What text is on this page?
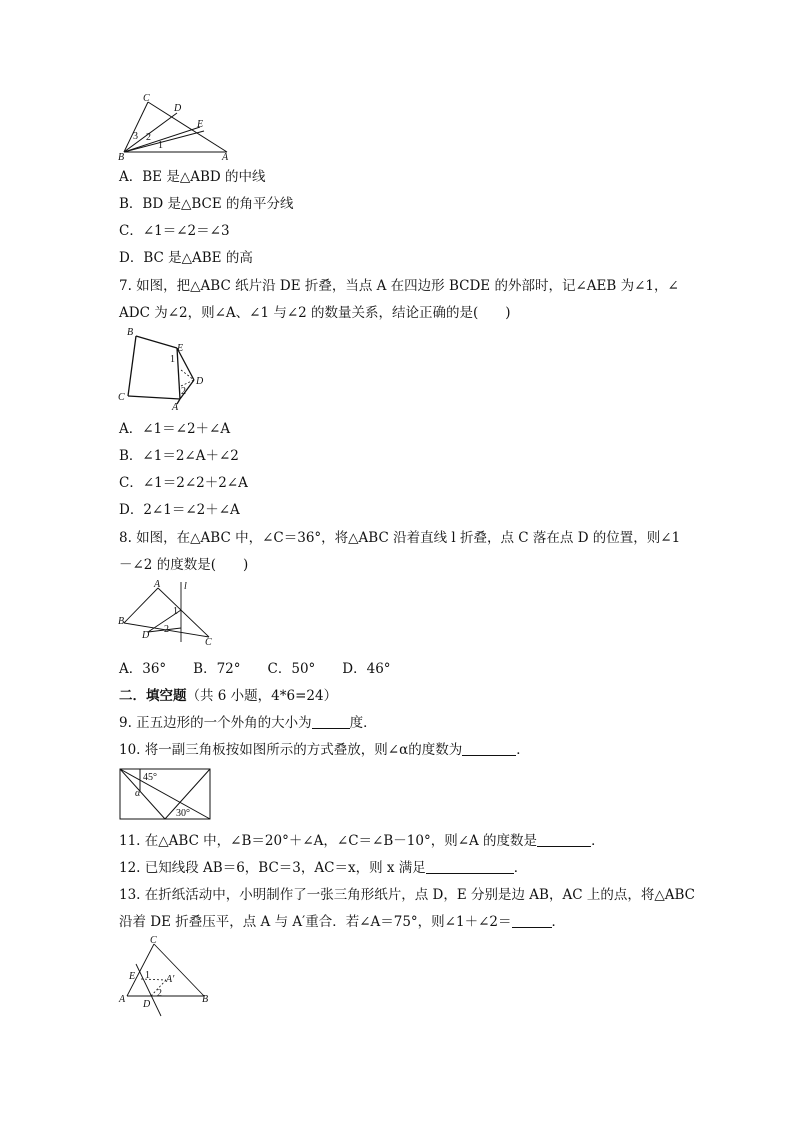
C
D
E
B	A
3 2
1
A．BE 是△ABD 的中线
B．BD 是△BCE 的角平分线
C．∠1＝∠2＝∠3
D．BC 是△ABE 的高
7. 如图，把△ABC 纸片沿 DE 折叠，当点 A 在四边形 BCDE 的外部时，记∠AEB 为∠1，∠
ADC 为∠2，则∠A、∠1 与∠2 的数量关系，结论正确的是(　　)
B
E
C
D
A
1
2
A．∠1＝∠2＋∠A
B．∠1＝2∠A＋∠2
C．∠1＝2∠2＋2∠A
D．2∠1＝∠2＋∠A
8. 如图，在△ABC 中，∠C＝36°，将△ABC 沿着直线 l 折叠，点 C 落在点 D 的位置，则∠1
－∠2 的度数是(　　)
A l
B
1
D
2
C
A．36°　　B．72°　　C．50°　　D．46°
二．填空题（共 6 小题，4*6=24）
9. 正五边形的一个外角的大小为	度．
10. 将一副三角板按如图所示的方式叠放，则∠α的度数为	．
45°
α
30°
11. 在△ABC 中，∠B＝20°＋∠A，∠C＝∠B－10°，则∠A 的度数是	．
12. 已知线段 AB＝6，BC＝3，AC＝x，则 x 满足	．
13. 在折纸活动中，小明制作了一张三角形纸片，点 D，E 分别是边 AB，AC 上的点，将△ABC
沿着 DE 折叠压平，点 A 与 A′重合．若∠A＝75°，则∠1＋∠2＝	．
C
E 1 A′
2
A D	B
